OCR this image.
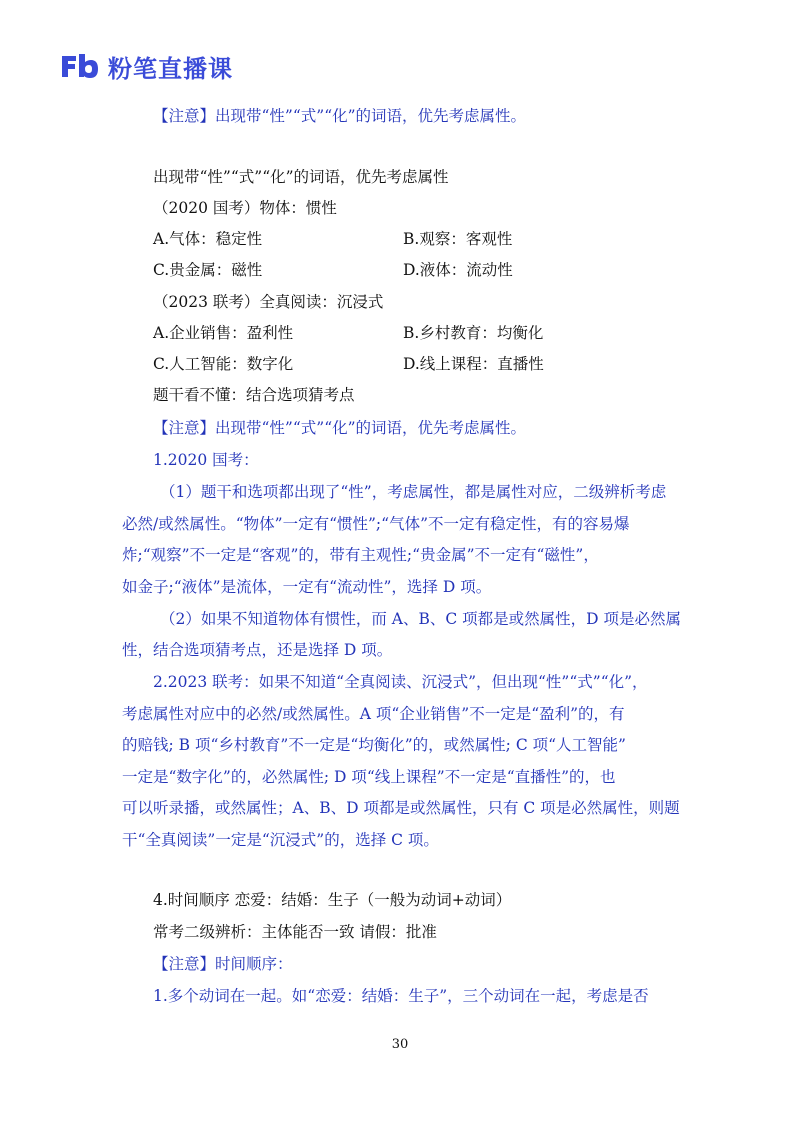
粉笔直播课
【注意】出现带“性”“式”“化”的词语，优先考虑属性。
出现带“性”“式”“化”的词语，优先考虑属性
（2020 国考）物体：惯性
A.气体：稳定性	B.观察：客观性
C.贵金属：磁性	D.液体：流动性
（2023 联考）全真阅读：沉浸式
A.企业销售：盈利性	B.乡村教育：均衡化
C.人工智能：数字化	D.线上课程：直播性
题干看不懂：结合选项猜考点
【注意】出现带“性”“式”“化”的词语，优先考虑属性。
1.2020 国考：
（1）题干和选项都出现了“性”，考虑属性，都是属性对应，二级辨析考虑
必然/或然属性。“物体”一定有“惯性”;“气体”不一定有稳定性，有的容易爆
炸;“观察”不一定是“客观”的，带有主观性;“贵金属”不一定有“磁性”，
如金子;“液体”是流体，一定有“流动性”，选择 D 项。
（2）如果不知道物体有惯性，而 A、B、C 项都是或然属性，D 项是必然属
性，结合选项猜考点，还是选择 D 项。
2.2023 联考：如果不知道“全真阅读、沉浸式”，但出现“性”“式”“化”，
考虑属性对应中的必然/或然属性。A 项“企业销售”不一定是“盈利”的，有
的赔钱; B 项“乡村教育”不一定是“均衡化”的，或然属性; C 项“人工智能”
一定是“数字化”的，必然属性; D 项“线上课程”不一定是“直播性”的，也
可以听录播，或然属性；A、B、D 项都是或然属性，只有 C 项是必然属性，则题
干“全真阅读”一定是“沉浸式”的，选择 C 项。
4.时间顺序 恋爱：结婚：生子（一般为动词+动词）
常考二级辨析：主体能否一致 请假：批准
【注意】时间顺序：
1.多个动词在一起。如“恋爱：结婚：生子”，三个动词在一起，考虑是否
30
